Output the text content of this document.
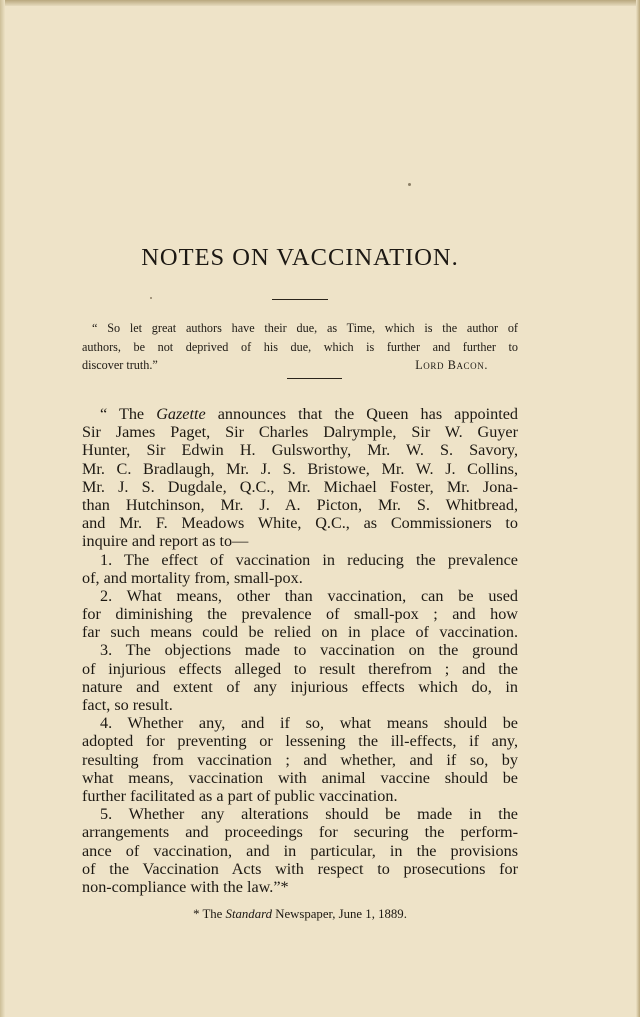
NOTES ON VACCINATION.
“ So let great authors have their due, as Time, which is the author of
authors, be not deprived of his due, which is further and further to
discover truth.”	Lord Bacon.
“ The Gazette announces that the Queen has appointed
Sir James Paget, Sir Charles Dalrymple, Sir W. Guyer
Hunter, Sir Edwin H. Gulsworthy, Mr. W. S. Savory,
Mr. C. Bradlaugh, Mr. J. S. Bristowe, Mr. W. J. Collins,
Mr. J. S. Dugdale, Q.C., Mr. Michael Foster, Mr. Jona-
than Hutchinson, Mr. J. A. Picton, Mr. S. Whitbread,
and Mr. F. Meadows White, Q.C., as Commissioners to
inquire and report as to—
1. The effect of vaccination in reducing the prevalence
of, and mortality from, small-pox.
2. What means, other than vaccination, can be used
for diminishing the prevalence of small-pox ; and how
far such means could be relied on in place of vaccination.
3. The objections made to vaccination on the ground
of injurious effects alleged to result therefrom ; and the
nature and extent of any injurious effects which do, in
fact, so result.
4. Whether any, and if so, what means should be
adopted for preventing or lessening the ill-effects, if any,
resulting from vaccination ; and whether, and if so, by
what means, vaccination with animal vaccine should be
further facilitated as a part of public vaccination.
5. Whether any alterations should be made in the
arrangements and proceedings for securing the perform-
ance of vaccination, and in particular, in the provisions
of the Vaccination Acts with respect to prosecutions for
non-compliance with the law.”*
* The Standard Newspaper, June 1, 1889.
